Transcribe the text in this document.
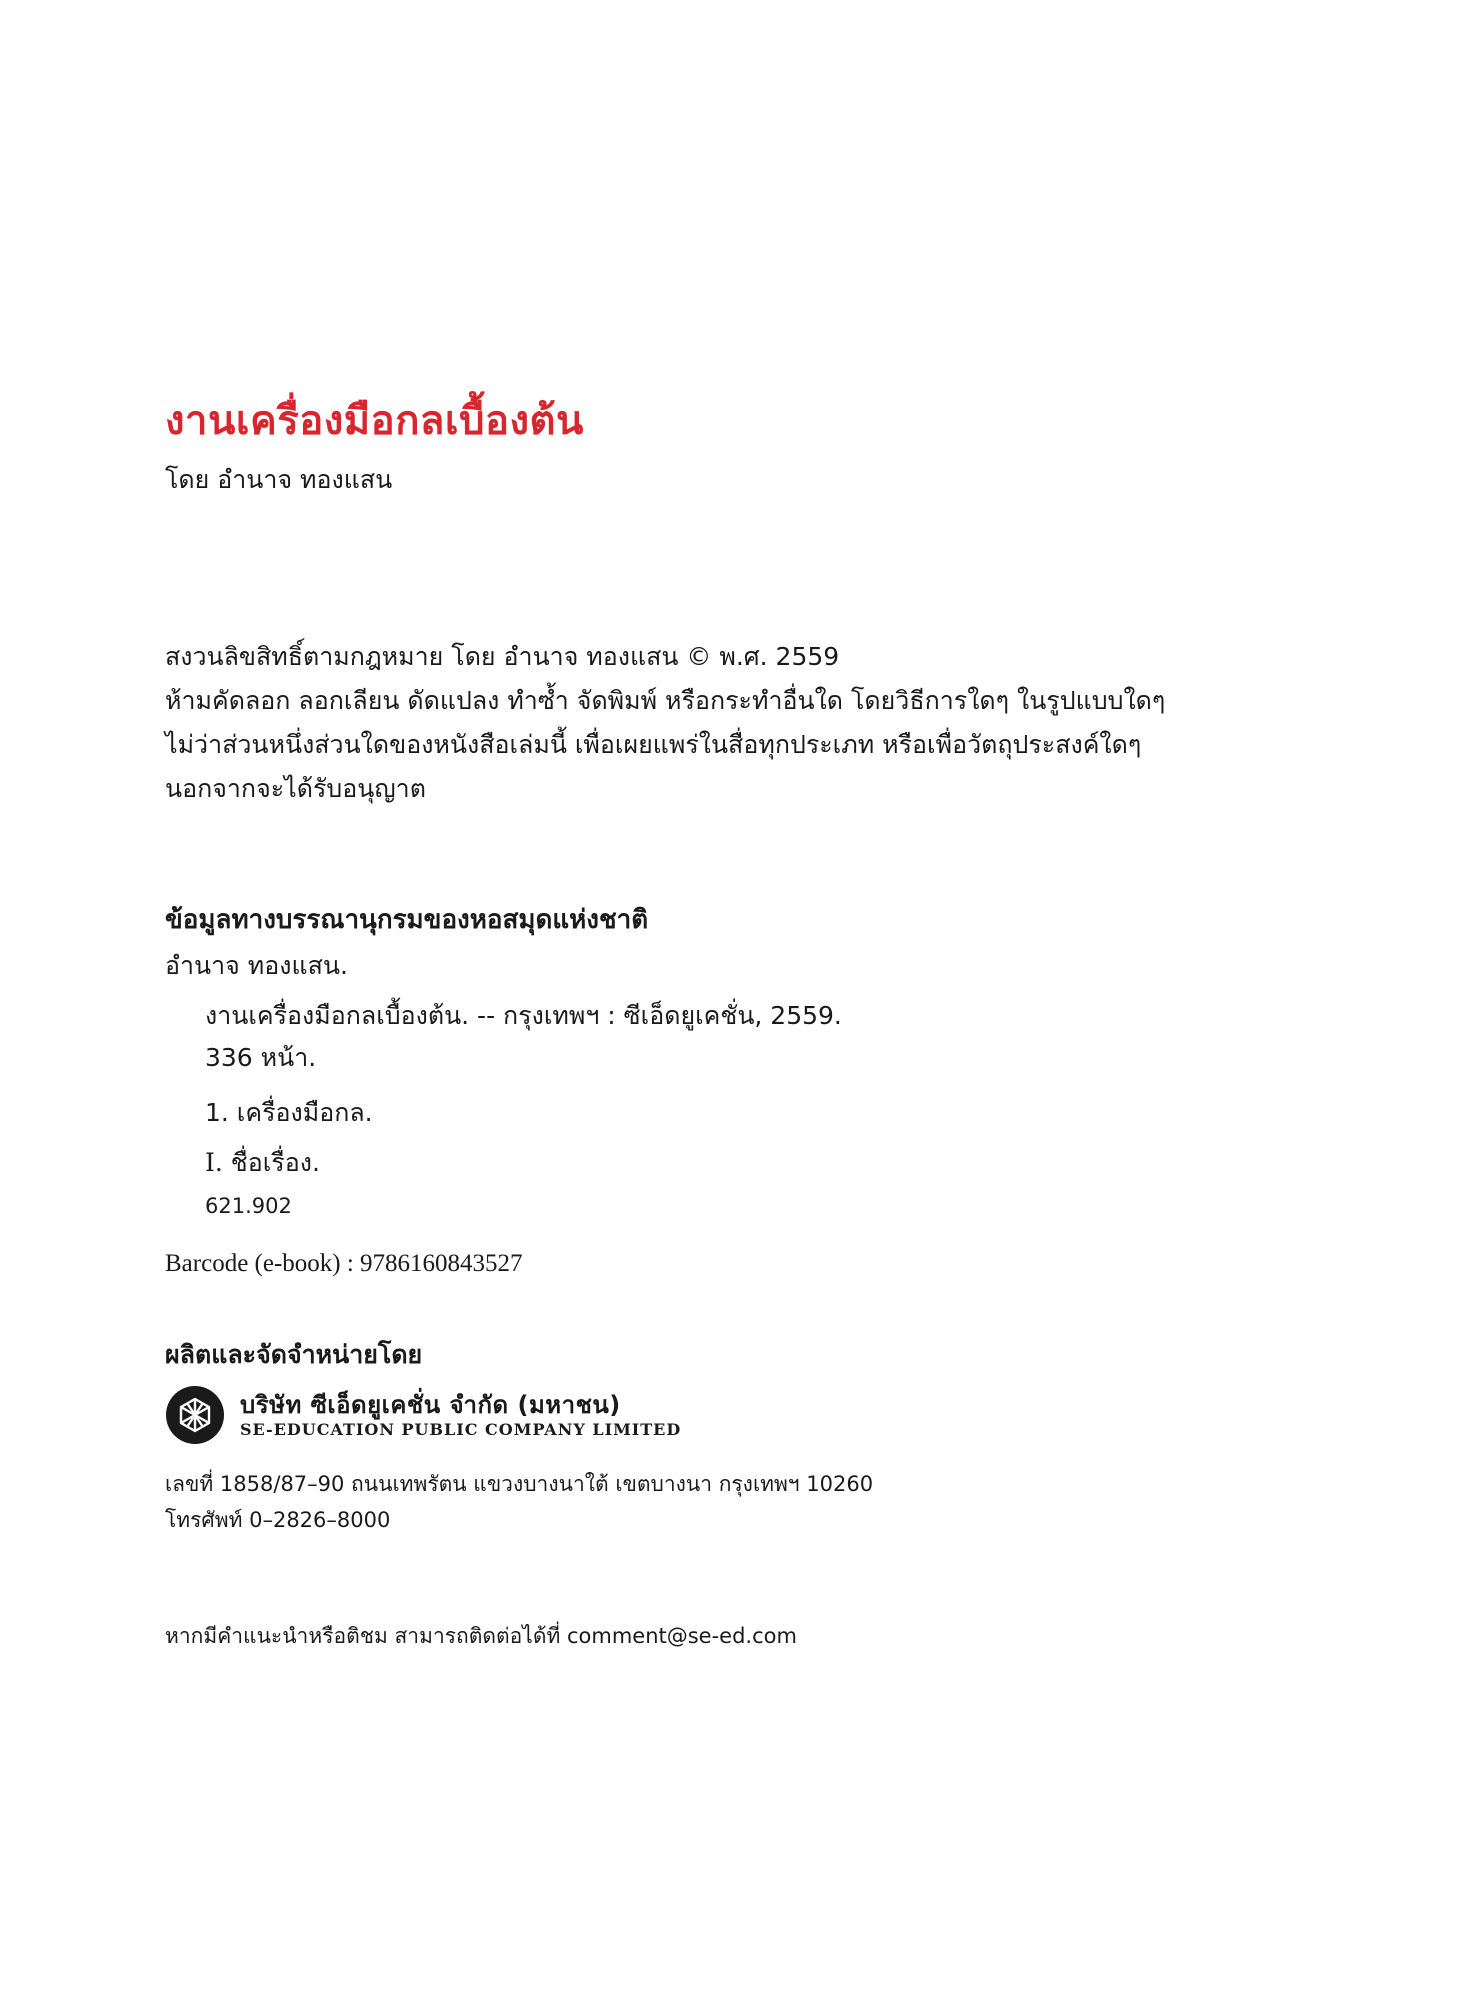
งานเครื่องมือกลเบื้องต้น
โดย อำนาจ ทองแสน
สงวนลิขสิทธิ์ตามกฎหมาย โดย อำนาจ ทองแสน © พ.ศ. 2559
ห้ามคัดลอก ลอกเลียน ดัดแปลง ทำซ้ำ จัดพิมพ์ หรือกระทำอื่นใด โดยวิธีการใดๆ ในรูปแบบใดๆ
ไม่ว่าส่วนหนึ่งส่วนใดของหนังสือเล่มนี้ เพื่อเผยแพร่ในสื่อทุกประเภท หรือเพื่อวัตถุประสงค์ใดๆ
นอกจากจะได้รับอนุญาต
ข้อมูลทางบรรณานุกรมของหอสมุดแห่งชาติ
อำนาจ ทองแสน.
งานเครื่องมือกลเบื้องต้น. -- กรุงเทพฯ : ซีเอ็ดยูเคชั่น, 2559.
336 หน้า.
1. เครื่องมือกล.
I. ชื่อเรื่อง.
621.902
Barcode (e-book) : 9786160843527
ผลิตและจัดจำหน่ายโดย
บริษัท ซีเอ็ดยูเคชั่น จำกัด (มหาชน)
SE-EDUCATION PUBLIC COMPANY LIMITED
เลขที่ 1858/87–90 ถนนเทพรัตน แขวงบางนาใต้ เขตบางนา กรุงเทพฯ 10260
โทรศัพท์ 0–2826–8000
หากมีคำแนะนำหรือติชม สามารถติดต่อได้ที่ comment@se-ed.com
